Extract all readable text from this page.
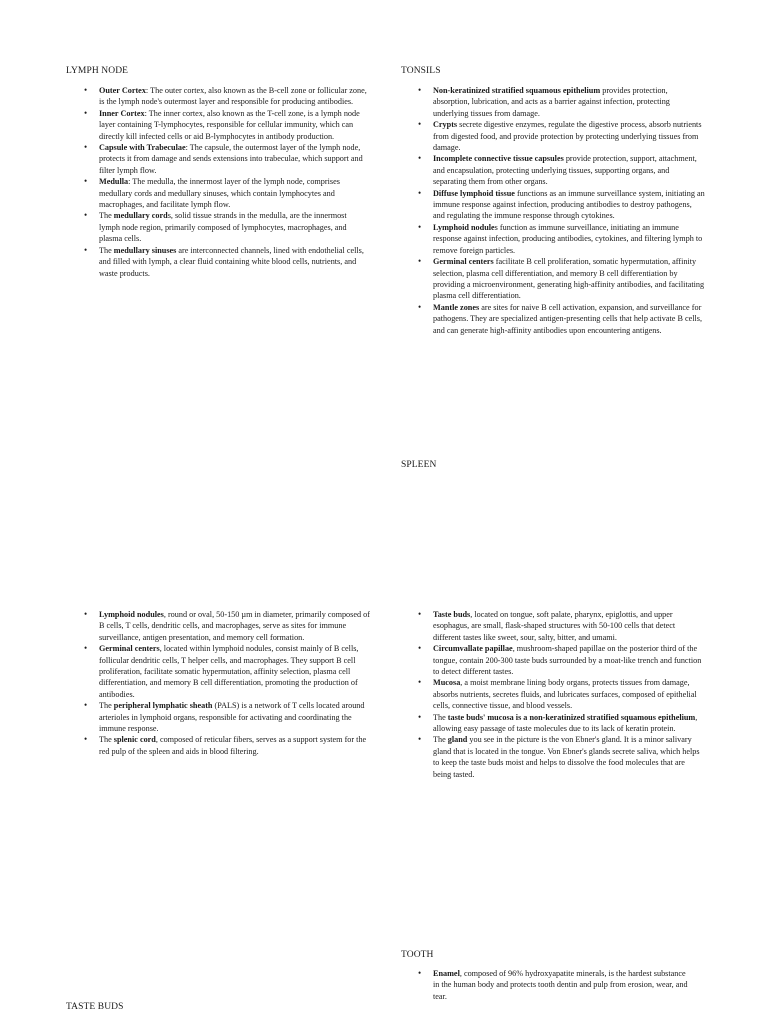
LYMPH NODE

• Outer Cortex: The outer cortex, also known as the B-cell zone or follicular zone, is the lymph node's outermost layer and responsible for producing antibodies.
• Inner Cortex: The inner cortex, also known as the T-cell zone, is a lymph node layer containing T-lymphocytes, responsible for cellular immunity, which can directly kill infected cells or aid B-lymphocytes in antibody production.
• Capsule with Trabeculae: The capsule, the outermost layer of the lymph node, protects it from damage and sends extensions into trabeculae, which support and filter lymph flow.
• Medulla: The medulla, the innermost layer of the lymph node, comprises medullary cords and medullary sinuses, which contain lymphocytes and macrophages, and facilitate lymph flow.
• The medullary cords, solid tissue strands in the medulla, are the innermost lymph node region, primarily composed of lymphocytes, macrophages, and plasma cells.
• The medullary sinuses are interconnected channels, lined with endothelial cells, and filled with lymph, a clear fluid containing white blood cells, nutrients, and waste products.

TONSILS

• Non-keratinized stratified squamous epithelium provides protection, absorption, lubrication, and acts as a barrier against infection, protecting underlying tissues from damage.
• Crypts secrete digestive enzymes, regulate the digestive process, absorb nutrients from digested food, and provide protection by protecting underlying tissues from damage.
• Incomplete connective tissue capsules provide protection, support, attachment, and encapsulation, protecting underlying tissues, supporting organs, and separating them from other organs.
• Diffuse lymphoid tissue functions as an immune surveillance system, initiating an immune response against infection, producing antibodies to destroy pathogens, and regulating the immune response through cytokines.
• Lymphoid nodules function as immune surveillance, initiating an immune response against infection, producing antibodies, cytokines, and filtering lymph to remove foreign particles.
• Germinal centers facilitate B cell proliferation, somatic hypermutation, affinity selection, plasma cell differentiation, and memory B cell differentiation by providing a microenvironment, generating high-affinity antibodies, and facilitating plasma cell differentiation.
• Mantle zones are sites for naive B cell activation, expansion, and surveillance for pathogens. They are specialized antigen-presenting cells that help activate B cells, and can generate high-affinity antibodies upon encountering antigens.

SPLEEN

• Lymphoid nodules, round or oval, 50-150 µm in diameter, primarily composed of B cells, T cells, dendritic cells, and macrophages, serve as sites for immune surveillance, antigen presentation, and memory cell formation.
• Germinal centers, located within lymphoid nodules, consist mainly of B cells, follicular dendritic cells, T helper cells, and macrophages. They support B cell proliferation, facilitate somatic hypermutation, affinity selection, plasma cell differentiation, and memory B cell differentiation, promoting the production of antibodies.
• The peripheral lymphatic sheath (PALS) is a network of T cells located around arterioles in lymphoid organs, responsible for activating and coordinating the immune response.
• The splenic cord, composed of reticular fibers, serves as a support system for the red pulp of the spleen and aids in blood filtering.
• Taste buds, located on tongue, soft palate, pharynx, epiglottis, and upper esophagus, are small, flask-shaped structures with 50-100 cells that detect different tastes like sweet, sour, salty, bitter, and umami.
• Circumvallate papillae, mushroom-shaped papillae on the posterior third of the tongue, contain 200-300 taste buds surrounded by a moat-like trench and function to detect different tastes.
• Mucosa, a moist membrane lining body organs, protects tissues from damage, absorbs nutrients, secretes fluids, and lubricates surfaces, composed of epithelial cells, connective tissue, and blood vessels.
• The taste buds' mucosa is a non-keratinized stratified squamous epithelium, allowing easy passage of taste molecules due to its lack of keratin protein.
• The gland you see in the picture is the von Ebner's gland. It is a minor salivary gland that is located in the tongue. Von Ebner's glands secrete saliva, which helps to keep the taste buds moist and helps to dissolve the food molecules that are being tasted.

TOOTH

• Enamel, composed of 96% hydroxyapatite minerals, is the hardest substance in the human body and protects tooth dentin and pulp from erosion, wear, and tear.

TASTE BUDS
